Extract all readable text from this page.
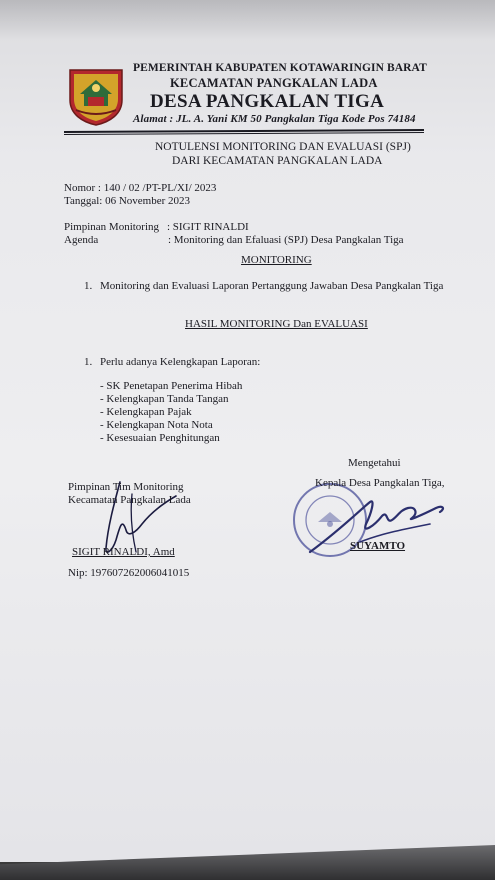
PEMERINTAH KABUPATEN KOTAWARINGIN BARAT
KECAMATAN PANGKALAN LADA
DESA PANGKALAN TIGA
Alamat : JL. A. Yani KM 50 Pangkalan Tiga Kode Pos 74184
NOTULENSI MONITORING DAN EVALUASI (SPJ)
DARI KECAMATAN PANGKALAN LADA
Nomor : 140 / 02 /PT-PL/XI/ 2023
Tanggal: 06 November 2023
Pimpinan Monitoring : SIGIT RINALDI
Agenda	: Monitoring dan Efaluasi (SPJ) Desa Pangkalan Tiga
MONITORING
1. Monitoring dan Evaluasi Laporan Pertanggung Jawaban Desa Pangkalan Tiga
HASIL MONITORING Dan EVALUASI
1. Perlu adanya Kelengkapan Laporan:
- SK Penetapan Penerima Hibah
- Kelengkapan Tanda Tangan
- Kelengkapan Pajak
- Kelengkapan Nota Nota
- Kesesuaian Penghitungan
Mengetahui
Kepala Desa Pangkalan Tiga,
Pimpinan Tim Monitoring
Kecamatan Pangkalan Lada
SIGIT RINALDI, Amd	SUYAMTO
Nip: 197607262006041015
